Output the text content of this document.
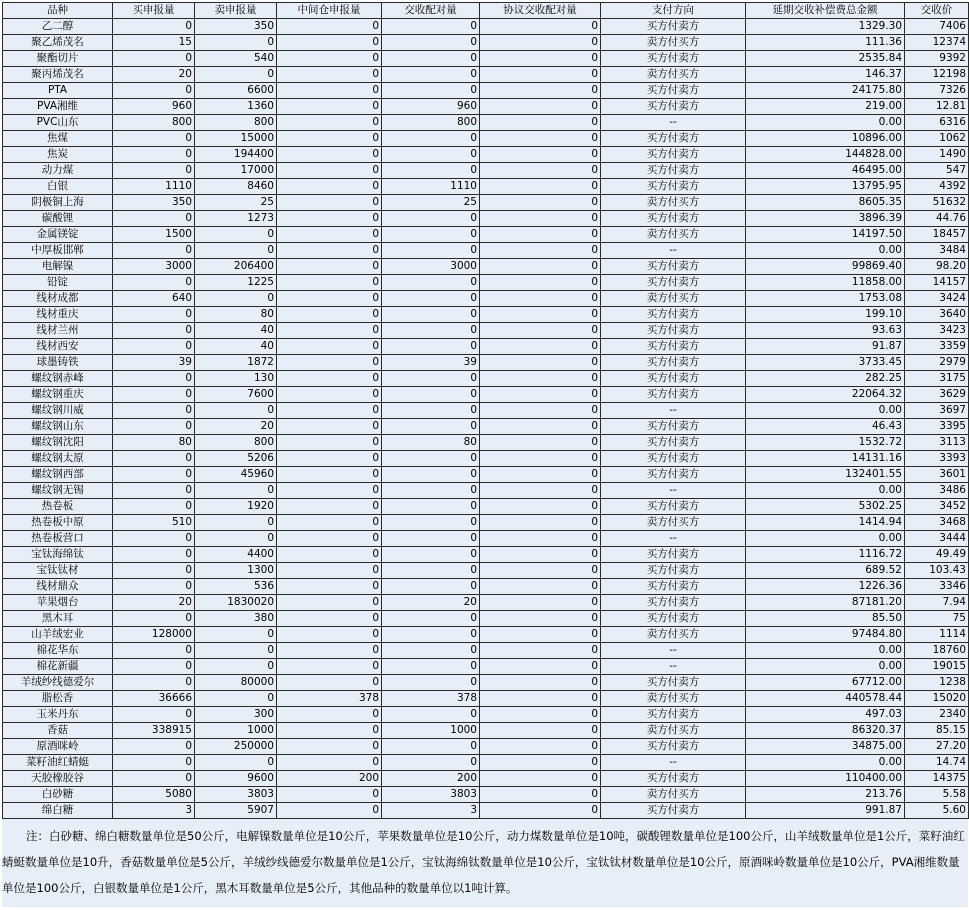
品种	买申报量	卖申报量	中间仓申报量	交收配对量	协议交收配对量	支付方向	延期交收补偿费总金额	交收价
乙二醇	0	350	0	0	0	买方付卖方	1329.30	7406
聚乙烯茂名	15	0	0	0	0	卖方付买方	111.36	12374
聚酯切片	0	540	0	0	0	买方付卖方	2535.84	9392
聚丙烯茂名	20	0	0	0	0	卖方付买方	146.37	12198
PTA	0	6600	0	0	0	买方付卖方	24175.80	7326
PVA湘维	960	1360	0	960	0	买方付卖方	219.00	12.81
PVC山东	800	800	0	800	0	--	0.00	6316
焦煤	0	15000	0	0	0	买方付卖方	10896.00	1062
焦炭	0	194400	0	0	0	买方付卖方	144828.00	1490
动力煤	0	17000	0	0	0	买方付卖方	46495.00	547
白银	1110	8460	0	1110	0	买方付卖方	13795.95	4392
阴极铜上海	350	25	0	25	0	卖方付买方	8605.35	51632
碳酸锂	0	1273	0	0	0	买方付卖方	3896.39	44.76
金属镁锭	1500	0	0	0	0	卖方付买方	14197.50	18457
中厚板邯郸	0	0	0	0	0	--	0.00	3484
电解镍	3000	206400	0	3000	0	买方付卖方	99869.40	98.20
铅锭	0	1225	0	0	0	买方付卖方	11858.00	14157
线材成都	640	0	0	0	0	卖方付买方	1753.08	3424
线材重庆	0	80	0	0	0	买方付卖方	199.10	3640
线材兰州	0	40	0	0	0	买方付卖方	93.63	3423
线材西安	0	40	0	0	0	买方付卖方	91.87	3359
球墨铸铁	39	1872	0	39	0	买方付卖方	3733.45	2979
螺纹钢赤峰	0	130	0	0	0	买方付卖方	282.25	3175
螺纹钢重庆	0	7600	0	0	0	买方付卖方	22064.32	3629
螺纹钢川威	0	0	0	0	0	--	0.00	3697
螺纹钢山东	0	20	0	0	0	买方付卖方	46.43	3395
螺纹钢沈阳	80	800	0	80	0	买方付卖方	1532.72	3113
螺纹钢太原	0	5206	0	0	0	买方付卖方	14131.16	3393
螺纹钢西部	0	45960	0	0	0	买方付卖方	132401.55	3601
螺纹钢无锡	0	0	0	0	0	--	0.00	3486
热卷板	0	1920	0	0	0	买方付卖方	5302.25	3452
热卷板中原	510	0	0	0	0	卖方付买方	1414.94	3468
热卷板营口	0	0	0	0	0	--	0.00	3444
宝钛海绵钛	0	4400	0	0	0	买方付卖方	1116.72	49.49
宝钛钛材	0	1300	0	0	0	买方付卖方	689.52	103.43
线材鼎众	0	536	0	0	0	买方付卖方	1226.36	3346
苹果烟台	20	1830020	0	20	0	买方付卖方	87181.20	7.94
黑木耳	0	380	0	0	0	买方付卖方	85.50	75
山羊绒宏业	128000	0	0	0	0	卖方付买方	97484.80	1114
棉花华东	0	0	0	0	0	--	0.00	18760
棉花新疆	0	0	0	0	0	--	0.00	19015
羊绒纱线德爱尔	0	80000	0	0	0	买方付卖方	67712.00	1238
脂松香	36666	0	378	378	0	卖方付买方	440578.44	15020
玉米丹东	0	300	0	0	0	买方付卖方	497.03	2340
香菇	338915	1000	0	1000	0	卖方付买方	86320.37	85.15
原酒咪岭	0	250000	0	0	0	买方付卖方	34875.00	27.20
菜籽油红蜻蜓	0	0	0	0	0	--	0.00	14.74
天胶橡胶谷	0	9600	200	200	0	买方付卖方	110400.00	14375
白砂糖	5080	3803	0	3803	0	卖方付买方	213.76	5.58
绵白糖	3	5907	0	3	0	买方付卖方	991.87	5.60
注：白砂糖、绵白糖数量单位是50公斤，电解镍数量单位是10公斤，苹果数量单位是10公斤，动力煤数量单位是10吨，碳酸锂数量单位是100公斤，山羊绒数量单位是1公斤，菜籽油红蜻蜓数量单位是10升，香菇数量单位是5公斤，羊绒纱线德爱尔数量单位是1公斤，宝钛海绵钛数量单位是10公斤，宝钛钛材数量单位是10公斤，原酒咪岭数量单位是10公斤，PVA湘维数量单位是100公斤，白银数量单位是1公斤，黑木耳数量单位是5公斤，其他品种的数量单位以1吨计算。
